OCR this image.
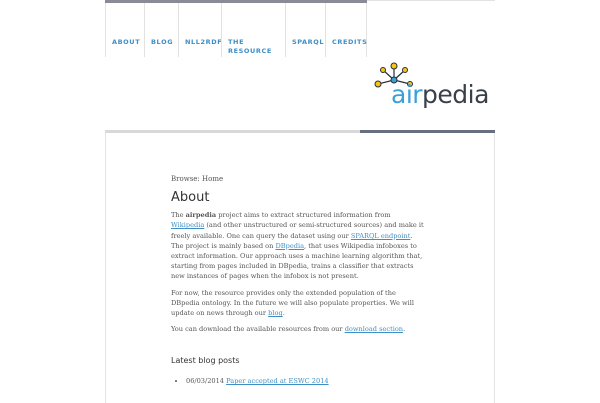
ABOUT	BLOG	NLL2RDF THE RESOURCE
SPARQL	CREDITS
airpedia

Browse: Home

About

The airpedia project aims to extract structured information from Wikipedia (and other unstructured or semi-structured sources) and make it freely available. One can query the dataset using our SPARQL endpoint. The project is mainly based on DBpedia, that uses Wikipedia infoboxes to extract information. Our approach uses a machine learning algorithm that, starting from pages included in DBpedia, trains a classifier that extracts new instances of pages when the infobox is not present.

For now, the resource provides only the extended population of the DBpedia ontology. In the future we will also populate properties. We will update on news through our blog.

You can download the available resources from our download section.

Latest blog posts
• 06/03/2014 Paper accepted at ESWC 2014
